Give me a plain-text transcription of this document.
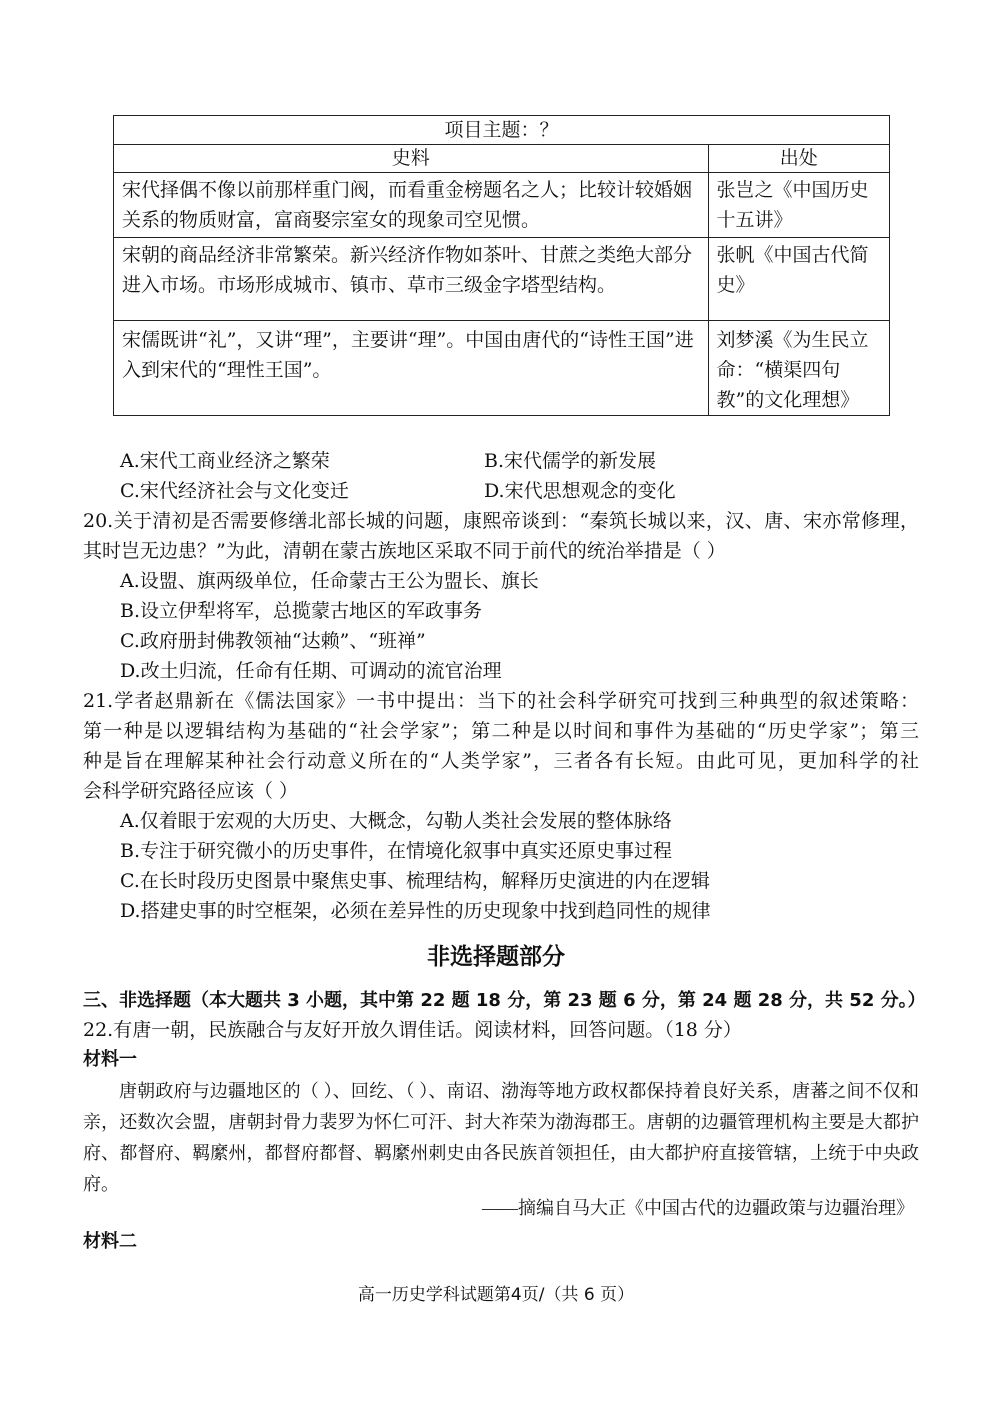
项目主题：？	
史料	出处
宋代择偶不像以前那样重门阀，而看重金榜题名之人；比较计较婚姻关系的物质财富，富商娶宗室女的现象司空见惯。	张岂之《中国历史十五讲》
宋朝的商品经济非常繁荣。新兴经济作物如茶叶、甘蔗之类绝大部分进入市场。市场形成城市、镇市、草市三级金字塔型结构。	张帆《中国古代简史》
宋儒既讲“礼”，又讲“理”，主要讲“理”。中国由唐代的“诗性王国”进入到宋代的“理性王国”。	刘梦溪《为生民立命：“横渠四句教”的文化理想》
A.宋代工商业经济之繁荣	B.宋代儒学的新发展
C.宋代经济社会与文化变迁	D.宋代思想观念的变化
20.关于清初是否需要修缮北部长城的问题，康熙帝谈到：“秦筑长城以来，汉、唐、宋亦常修理，
其时岂无边患？”为此，清朝在蒙古族地区采取不同于前代的统治举措是（ ）
A.设盟、旗两级单位，任命蒙古王公为盟长、旗长
B.设立伊犁将军，总揽蒙古地区的军政事务
C.政府册封佛教领袖“达赖”、“班禅”
D.改土归流，任命有任期、可调动的流官治理
21.学者赵鼎新在《儒法国家》一书中提出：当下的社会科学研究可找到三种典型的叙述策略：
第一种是以逻辑结构为基础的“社会学家”；第二种是以时间和事件为基础的“历史学家”；第三
种是旨在理解某种社会行动意义所在的“人类学家”，三者各有长短。由此可见，更加科学的社
会科学研究路径应该（ ）
A.仅着眼于宏观的大历史、大概念，勾勒人类社会发展的整体脉络
B.专注于研究微小的历史事件，在情境化叙事中真实还原史事过程
C.在长时段历史图景中聚焦史事、梳理结构，解释历史演进的内在逻辑
D.搭建史事的时空框架，必须在差异性的历史现象中找到趋同性的规律
非选择题部分
三、非选择题（本大题共 3 小题，其中第 22 题 18 分，第 23 题 6 分，第 24 题 28 分，共 52 分。）
22.有唐一朝，民族融合与友好开放久谓佳话。阅读材料，回答问题。（18 分）
材料一
唐朝政府与边疆地区的（ ）、回纥、（ ）、南诏、渤海等地方政权都保持着良好关系，唐蕃之间不仅和亲，还数次会盟，唐朝封骨力裴罗为怀仁可汗、封大祚荣为渤海郡王。唐朝的边疆管理机构主要是大都护府、都督府、羁縻州，都督府都督、羁縻州刺史由各民族首领担任，由大都护府直接管辖，上统于中央政府。
——摘编自马大正《中国古代的边疆政策与边疆治理》
材料二
高一历史学科试题第4页/（共 6 页）
